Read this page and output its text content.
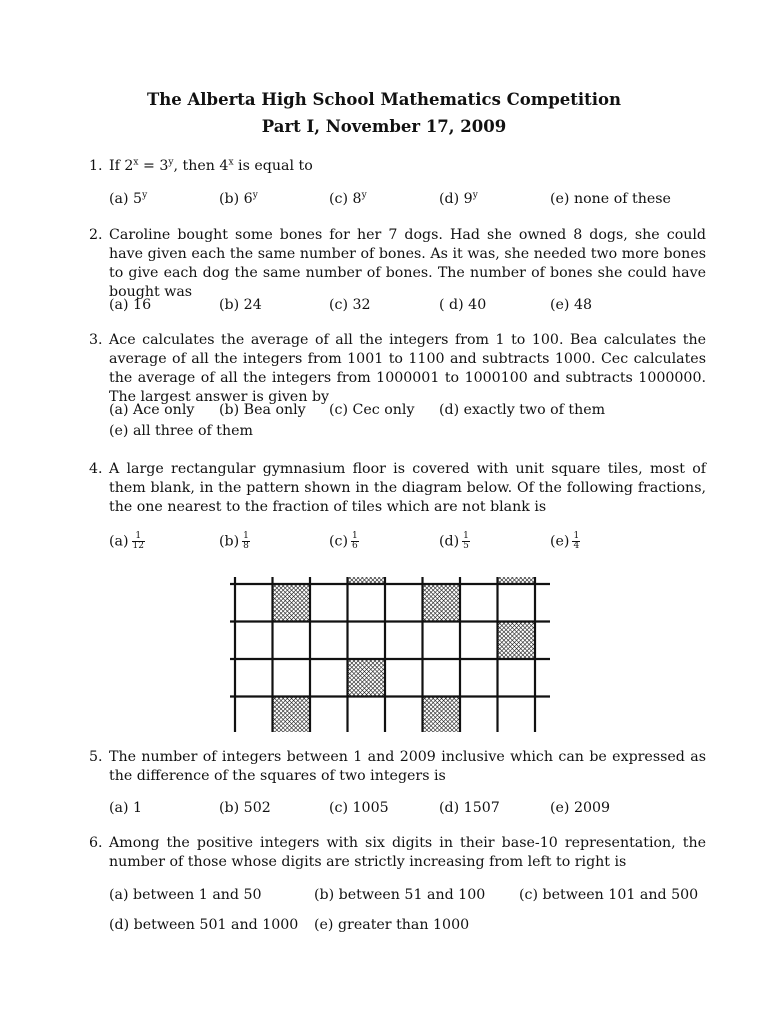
The Alberta High School Mathematics Competition
Part I, November 17, 2009
1. If $2^x = 3^y$, then 4$^x$ is equal to
(a) 5$^y$	(b) 6$^y$	(c) 8$^y$	(d) 9$^y$	(e) none of these
2. Caroline bought some bones for her 7 dogs. Had she owned 8 dogs, she could have given each the same number of bones. As it was, she needed two more bones to give each dog the same number of bones. The number of bones she could have bought was
(a) 16	(b) 24	(c) 32	( d) 40	(e) 48
3. Ace calculates the average of all the integers from 1 to 100. Bea calculates the average of all the integers from 1001 to 1100 and subtracts 1000. Cec calculates the average of all the integers from 1000001 to 1000100 and subtracts 1000000. The largest answer is given by
(a) Ace only (b) Bea only (c) Cec only (d) exactly two of them
(e) all three of them
4. A large rectangular gymnasium floor is covered with unit square tiles, most of them blank, in the pattern shown in the diagram below. Of the following fractions, the one nearest to the fraction of tiles which are not blank is
$(a) \frac{1}{12}$	$(b) \frac{1}{8}$	$(c) \frac{1}{6}$	$(d) \frac{1}{5}$	$(e) \frac{1}{4}$
5. The number of integers between 1 and 2009 inclusive which can be expressed as the difference of the squares of two integers is
(a) 1	(b) 502	(c) 1005	(d) 1507	(e) 2009
6. Among the positive integers with six digits in their base-10 representation, the number of those whose digits are strictly increasing from left to right is
(a) between 1 and 50	(b) between 51 and 100 (c) between 101 and 500
(d) between 501 and 1000 (e) greater than 1000
